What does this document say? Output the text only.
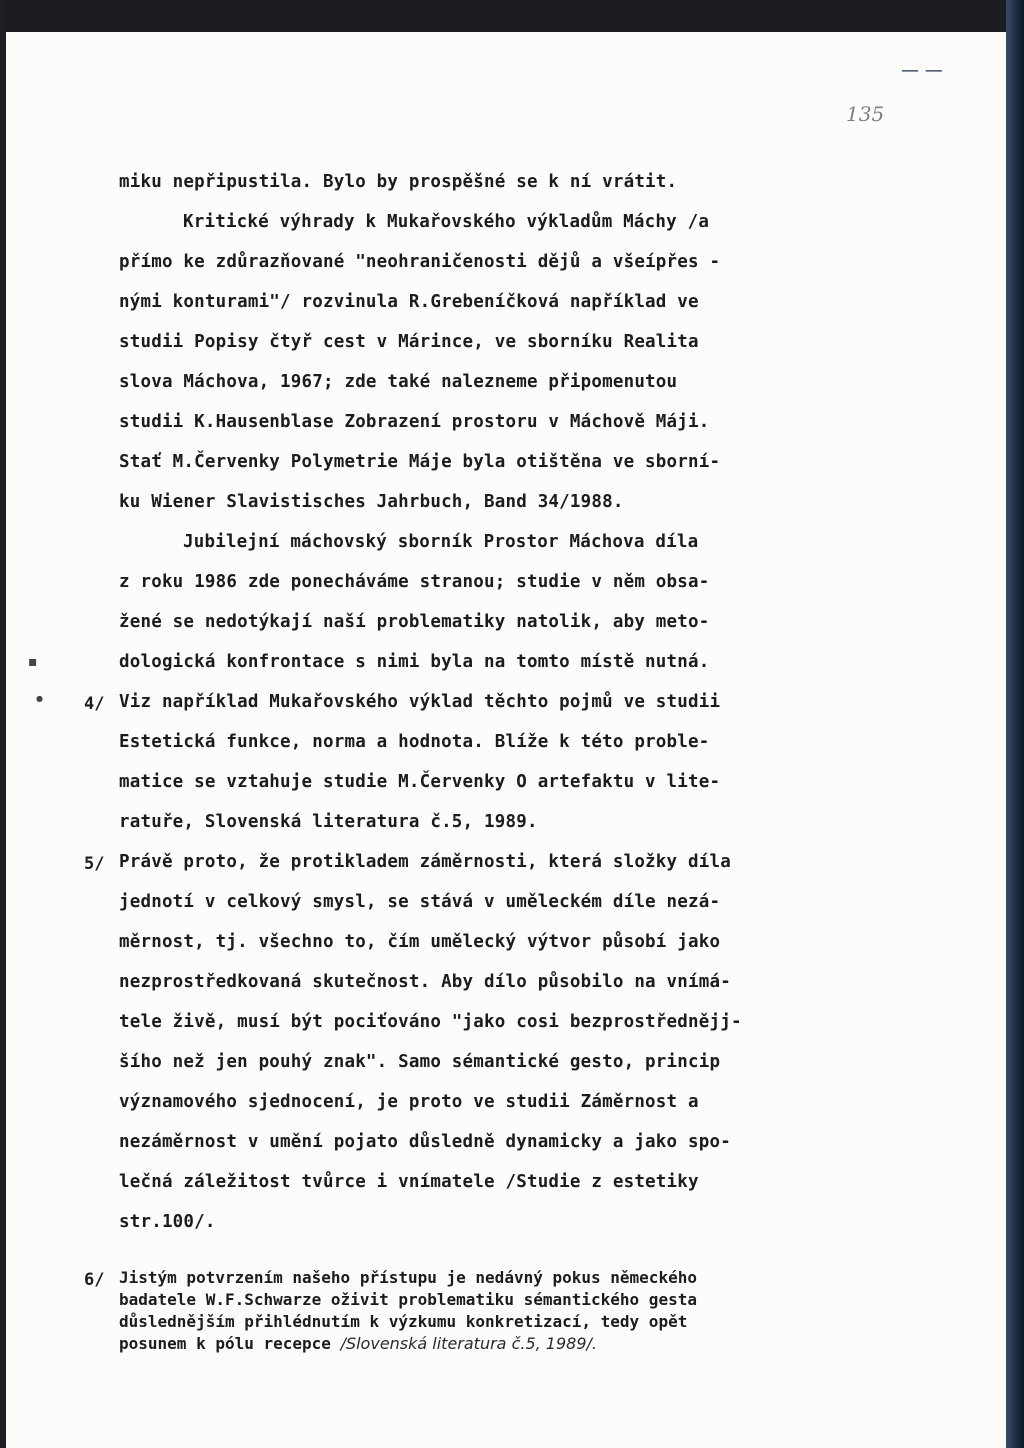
— —
135
▪
●
miku nepřipustila. Bylo by prospěšné se k ní vrátit.
Kritické výhrady k Mukařovského výkladům Máchy /a
přímo ke zdůrazňované "neohraničenosti dějů a všeípřes -
nými konturami"/ rozvinula R.Grebeníčková například ve
studii Popisy čtyř cest v Márince, ve sborníku Realita
slova Máchova, 1967; zde také nalezneme připomenutou
studii K.Hausenblase Zobrazení prostoru v Máchově Máji.
Stať M.Červenky Polymetrie Máje byla otištěna ve sborní-
ku Wiener Slavistisches Jahrbuch, Band 34/1988.
Jubilejní máchovský sborník Prostor Máchova díla
z roku 1986 zde ponecháváme stranou; studie v něm obsa-
žené se nedotýkají naší problematiky natolik, aby meto-
dologická konfrontace s nimi byla na tomto místě nutná.
4/ Viz například Mukařovského výklad těchto pojmů ve studii
Estetická funkce, norma a hodnota. Blíže k této proble-
matice se vztahuje studie M.Červenky O artefaktu v lite-
ratuře, Slovenská literatura č.5, 1989.
5/ Právě proto, že protikladem záměrnosti, která složky díla
jednotí v celkový smysl, se stává v uměleckém díle nezá-
měrnost, tj. všechno to, čím umělecký výtvor působí jako
nezprostředkovaná skutečnost. Aby dílo působilo na vnímá-
tele živě, musí být pociťováno "jako cosi bezprostřednějj-
šího než jen pouhý znak". Samo sémantické gesto, princip
významového sjednocení, je proto ve studii Záměrnost a
nezáměrnost v umění pojato důsledně dynamicky a jako spo-
lečná záležitost tvůrce i vnímatele /Studie z estetiky
str.100/.
6/ Jistým potvrzením našeho přístupu je nedávný pokus německého
badatele W.F.Schwarze oživit problematiku sémantického gesta
důslednějším přihlédnutím k výzkumu konkretizací, tedy opět
posunem k pólu recepce /Slovenská literatura č.5, 1989/.
